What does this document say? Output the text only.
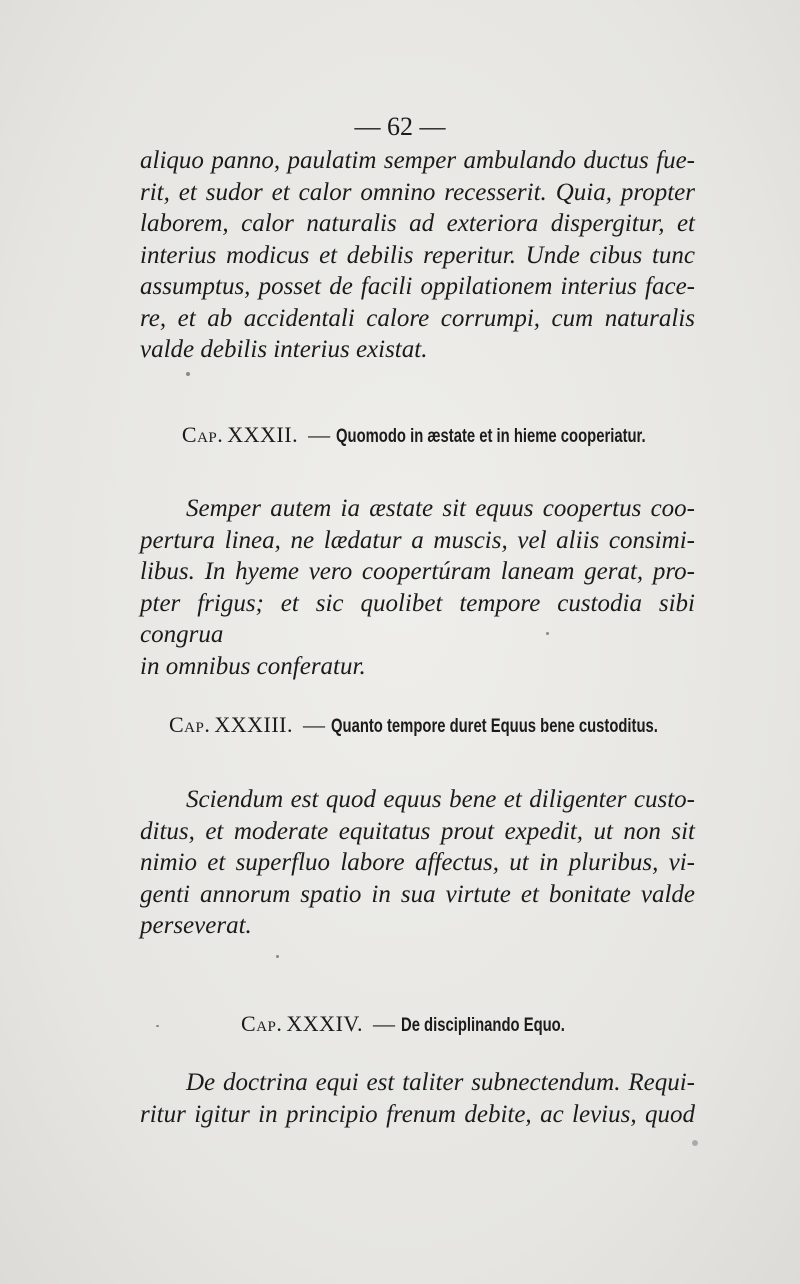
— 62 —
aliquo panno, paulatim semper ambulando ductus fue-
rit, et sudor et calor omnino recesserit. Quia, propter
laborem, calor naturalis ad exteriora dispergitur, et
interius modicus et debilis reperitur. Unde cibus tunc
assumptus, posset de facili oppilationem interius face-
re, et ab accidentali calore corrumpi, cum naturalis
valde debilis interius existat.
Cap. XXXII. — Quomodo in æstate et in hieme cooperiatur.
Semper autem ia æstate sit equus coopertus coo-
pertura linea, ne lædatur a muscis, vel aliis consimi-
libus. In hyeme vero coopertúram laneam gerat, pro-
pter frigus; et sic quolibet tempore custodia sibi congrua
in omnibus conferatur.
Cap. XXXIII. — Quanto tempore duret Equus bene custoditus.
Sciendum est quod equus bene et diligenter custo-
ditus, et moderate equitatus prout expedit, ut non sit
nimio et superfluo labore affectus, ut in pluribus, vi-
genti annorum spatio in sua virtute et bonitate valde
perseverat.
Cap. XXXIV. — De disciplinando Equo.
De doctrina equi est taliter subnectendum. Requi-
ritur igitur in principio frenum debite, ac levius, quod
